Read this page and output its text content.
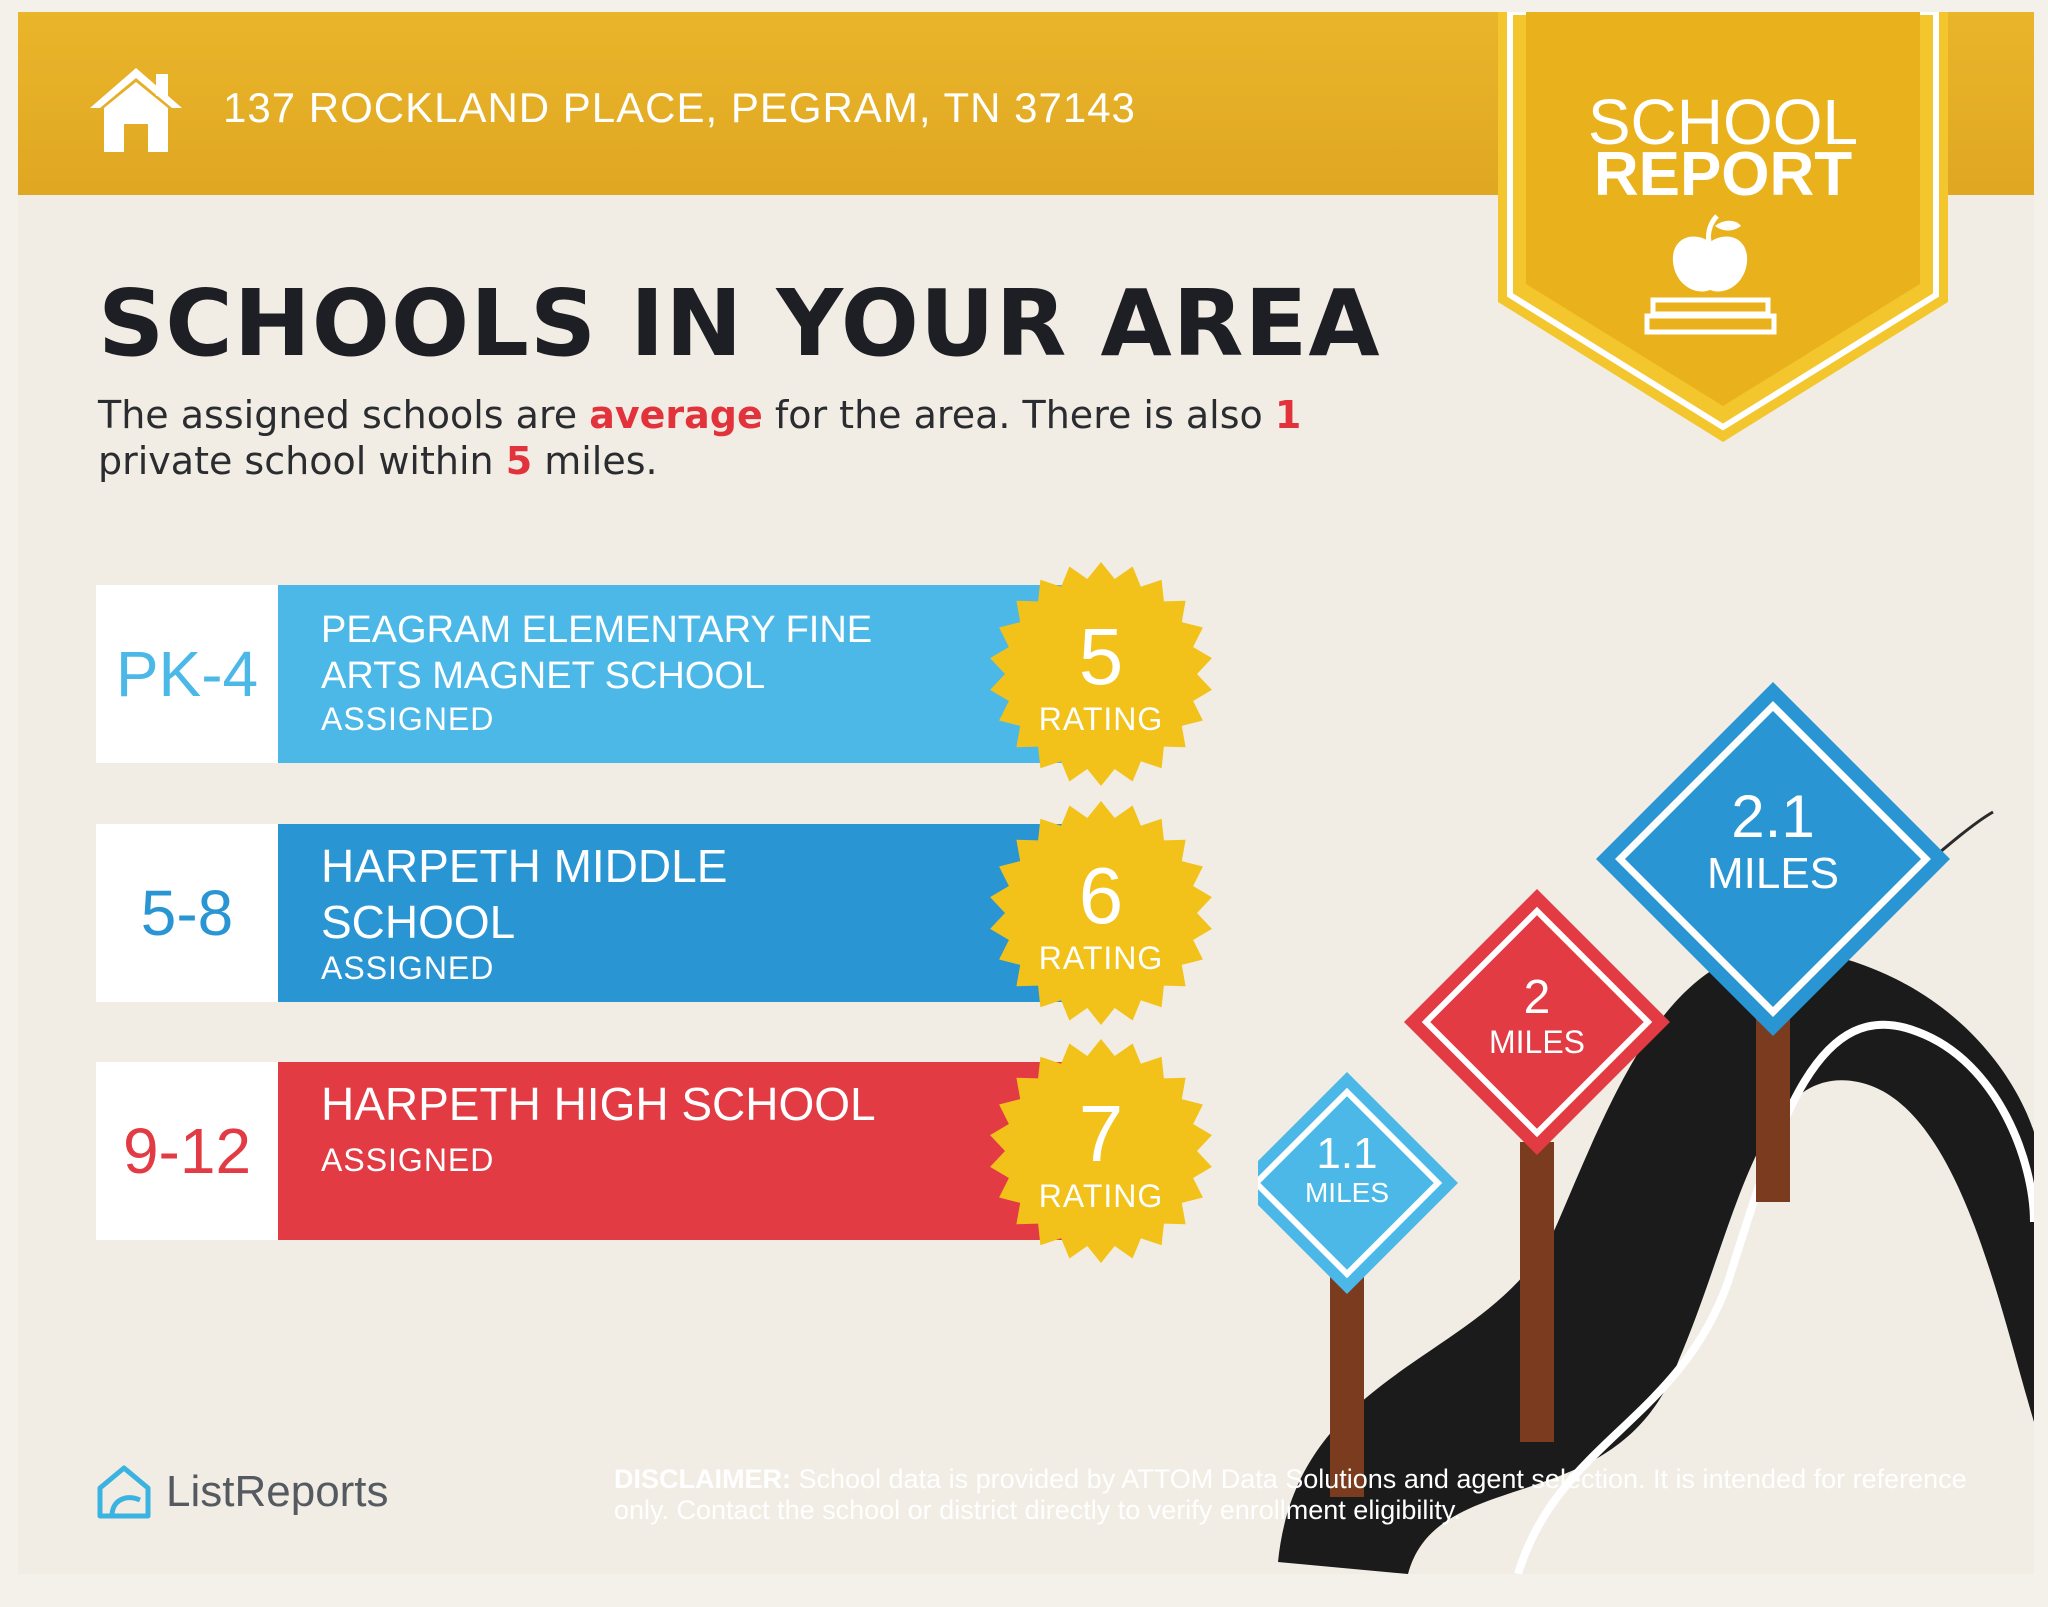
137 ROCKLAND PLACE, PEGRAM, TN 37143	SCHOOL
REPORT
SCHOOLS IN YOUR AREA
The assigned schools are average for the area. There is also 1 private school within 5 miles.
PK-4
PEAGRAM ELEMENTARY FINE
ARTS MAGNET SCHOOL
ASSIGNED
5
RATING
5-8
HARPETH MIDDLE
SCHOOL
ASSIGNED
6
RATING
9-12
HARPETH HIGH SCHOOL
ASSIGNED	7
RATING
1.1
MILES
2
MILES
2.1
MILES
ListReports	DISCLAIMER: School data is provided by ATTOM Data Solutions and agent selection. It is intended for reference only. Contact the school or district directly to verify enrollment eligibility.
